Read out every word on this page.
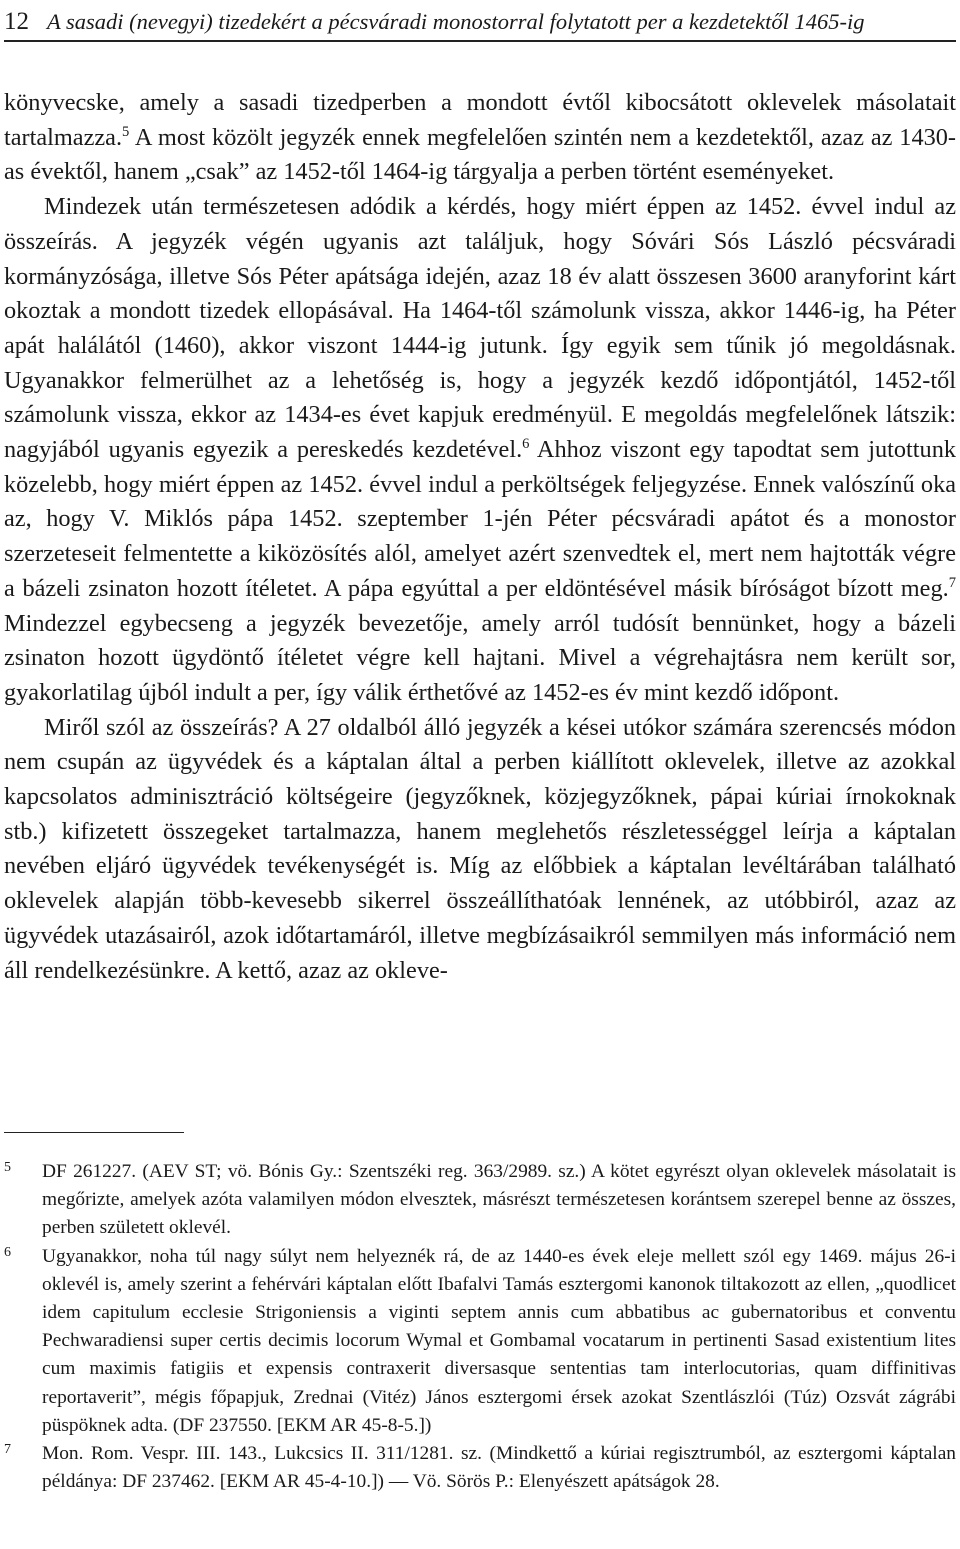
12 A sasadi (nevegyi) tizedekért a pécsváradi monostorral folytatott per a kezdetektől 1465-ig

könyvecske, amely a sasadi tizedperben a mondott évtől kibocsátott oklevelek másolatait tartalmazza.$^5$ A most közölt jegyzék ennek megfelelően szintén nem a kezdetektől, azaz az 1430-as évektől, hanem „csak” az 1452-től 1464-ig tárgyalja a perben történt eseményeket.

Mindezek után természetesen adódik a kérdés, hogy miért éppen az 1452. évvel indul az összeírás. A jegyzék végén ugyanis azt találjuk, hogy Sóvári Sós László pécsváradi kormányzósága, illetve Sós Péter apátsága idején, azaz 18 év alatt összesen 3600 aranyforint kárt okoztak a mondott tizedek ellopásával. Ha 1464-től számolunk vissza, akkor 1446-ig, ha Péter apát halálától (1460), akkor viszont 1444-ig jutunk. Így egyik sem tűnik jó megoldásnak. Ugyanakkor felmerülhet az a lehetőség is, hogy a jegyzék kezdő időpontjától, 1452-től számolunk vissza, ekkor az 1434-es évet kapjuk eredményül. E megoldás megfelelőnek látszik: nagyjából ugyanis egyezik a pereskedés kezdetével.$^6$ Ahhoz viszont egy tapodtat sem jutottunk közelebb, hogy miért éppen az 1452. évvel indul a perköltségek feljegyzése. Ennek valószínű oka az, hogy V. Miklós pápa 1452. szeptember 1-jén Péter pécsváradi apátot és a monostor szerzeteseit felmentette a kiközösítés alól, amelyet azért szenvedtek el, mert nem hajtották végre a bázeli zsinaton hozott ítéletet. A pápa egyúttal a per eldöntésével másik bíróságot bízott meg.$^7$ Mindezzel egybecseng a jegyzék bevezetője, amely arról tudósít bennünket, hogy a bázeli zsinaton hozott ügydöntő ítéletet végre kell hajtani. Mivel a végrehajtásra nem került sor, gyakorlatilag újból indult a per, így válik érthetővé az 1452-es év mint kezdő időpont.

Miről szól az összeírás? A 27 oldalból álló jegyzék a kései utókor számára szerencsés módon nem csupán az ügyvédek és a káptalan által a perben kiállított oklevelek, illetve az azokkal kapcsolatos adminisztráció költségeire (jegyzőknek, közjegyzőknek, pápai kúriai írnokoknak stb.) kifizetett összegeket tartalmazza, hanem meglehetős részletességgel leírja a káptalan nevében eljáró ügyvédek tevékenységét is. Míg az előbbiek a káptalan levéltárában található oklevelek alapján több-kevesebb sikerrel összeállíthatóak lennének, az utóbbiról, azaz az ügyvédek utazásairól, azok időtartamáról, illetve megbízásaikról semmilyen más információ nem áll rendelkezésünkre. A kettő, azaz az okleve-

5 DF 261227. (AEV ST; vö. Bónis Gy.: Szentszéki reg. 363/2989. sz.) A kötet egyrészt olyan oklevelek másolatait is megőrizte, amelyek azóta valamilyen módon elvesztek, másrészt természetesen korántsem szerepel benne az összes, perben született oklevél.
6 Ugyanakkor, noha túl nagy súlyt nem helyeznék rá, de az 1440-es évek eleje mellett szól egy 1469. május 26-i oklevél is, amely szerint a fehérvári káptalan előtt Ibafalvi Tamás esztergomi kanonok tiltakozott az ellen, „quodlicet idem capitulum ecclesie Strigoniensis a viginti septem annis cum abbatibus ac gubernatoribus et conventu Pechwaradiensi super certis decimis locorum Wymal et Gombamal vocatarum in pertinenti Sasad existentium lites cum maximis fatigiis et expensis contraxerit diversasque sententias tam interlocutorias, quam diffinitivas reportaverit”, mégis főpapjuk, Zrednai (Vitéz) János esztergomi érsek azokat Szentlászlói (Túz) Ozsvát zágrábi püspöknek adta. (DF 237550. [EKM AR 45-8-5.])
7 Mon. Rom. Vespr. III. 143., Lukcsics II. 311/1281. sz. (Mindkettő a kúriai regisztrumból, az esztergomi káptalan példánya: DF 237462. [EKM AR 45-4-10.]) — Vö. Sörös P.: Elenyészett apátságok 28.
